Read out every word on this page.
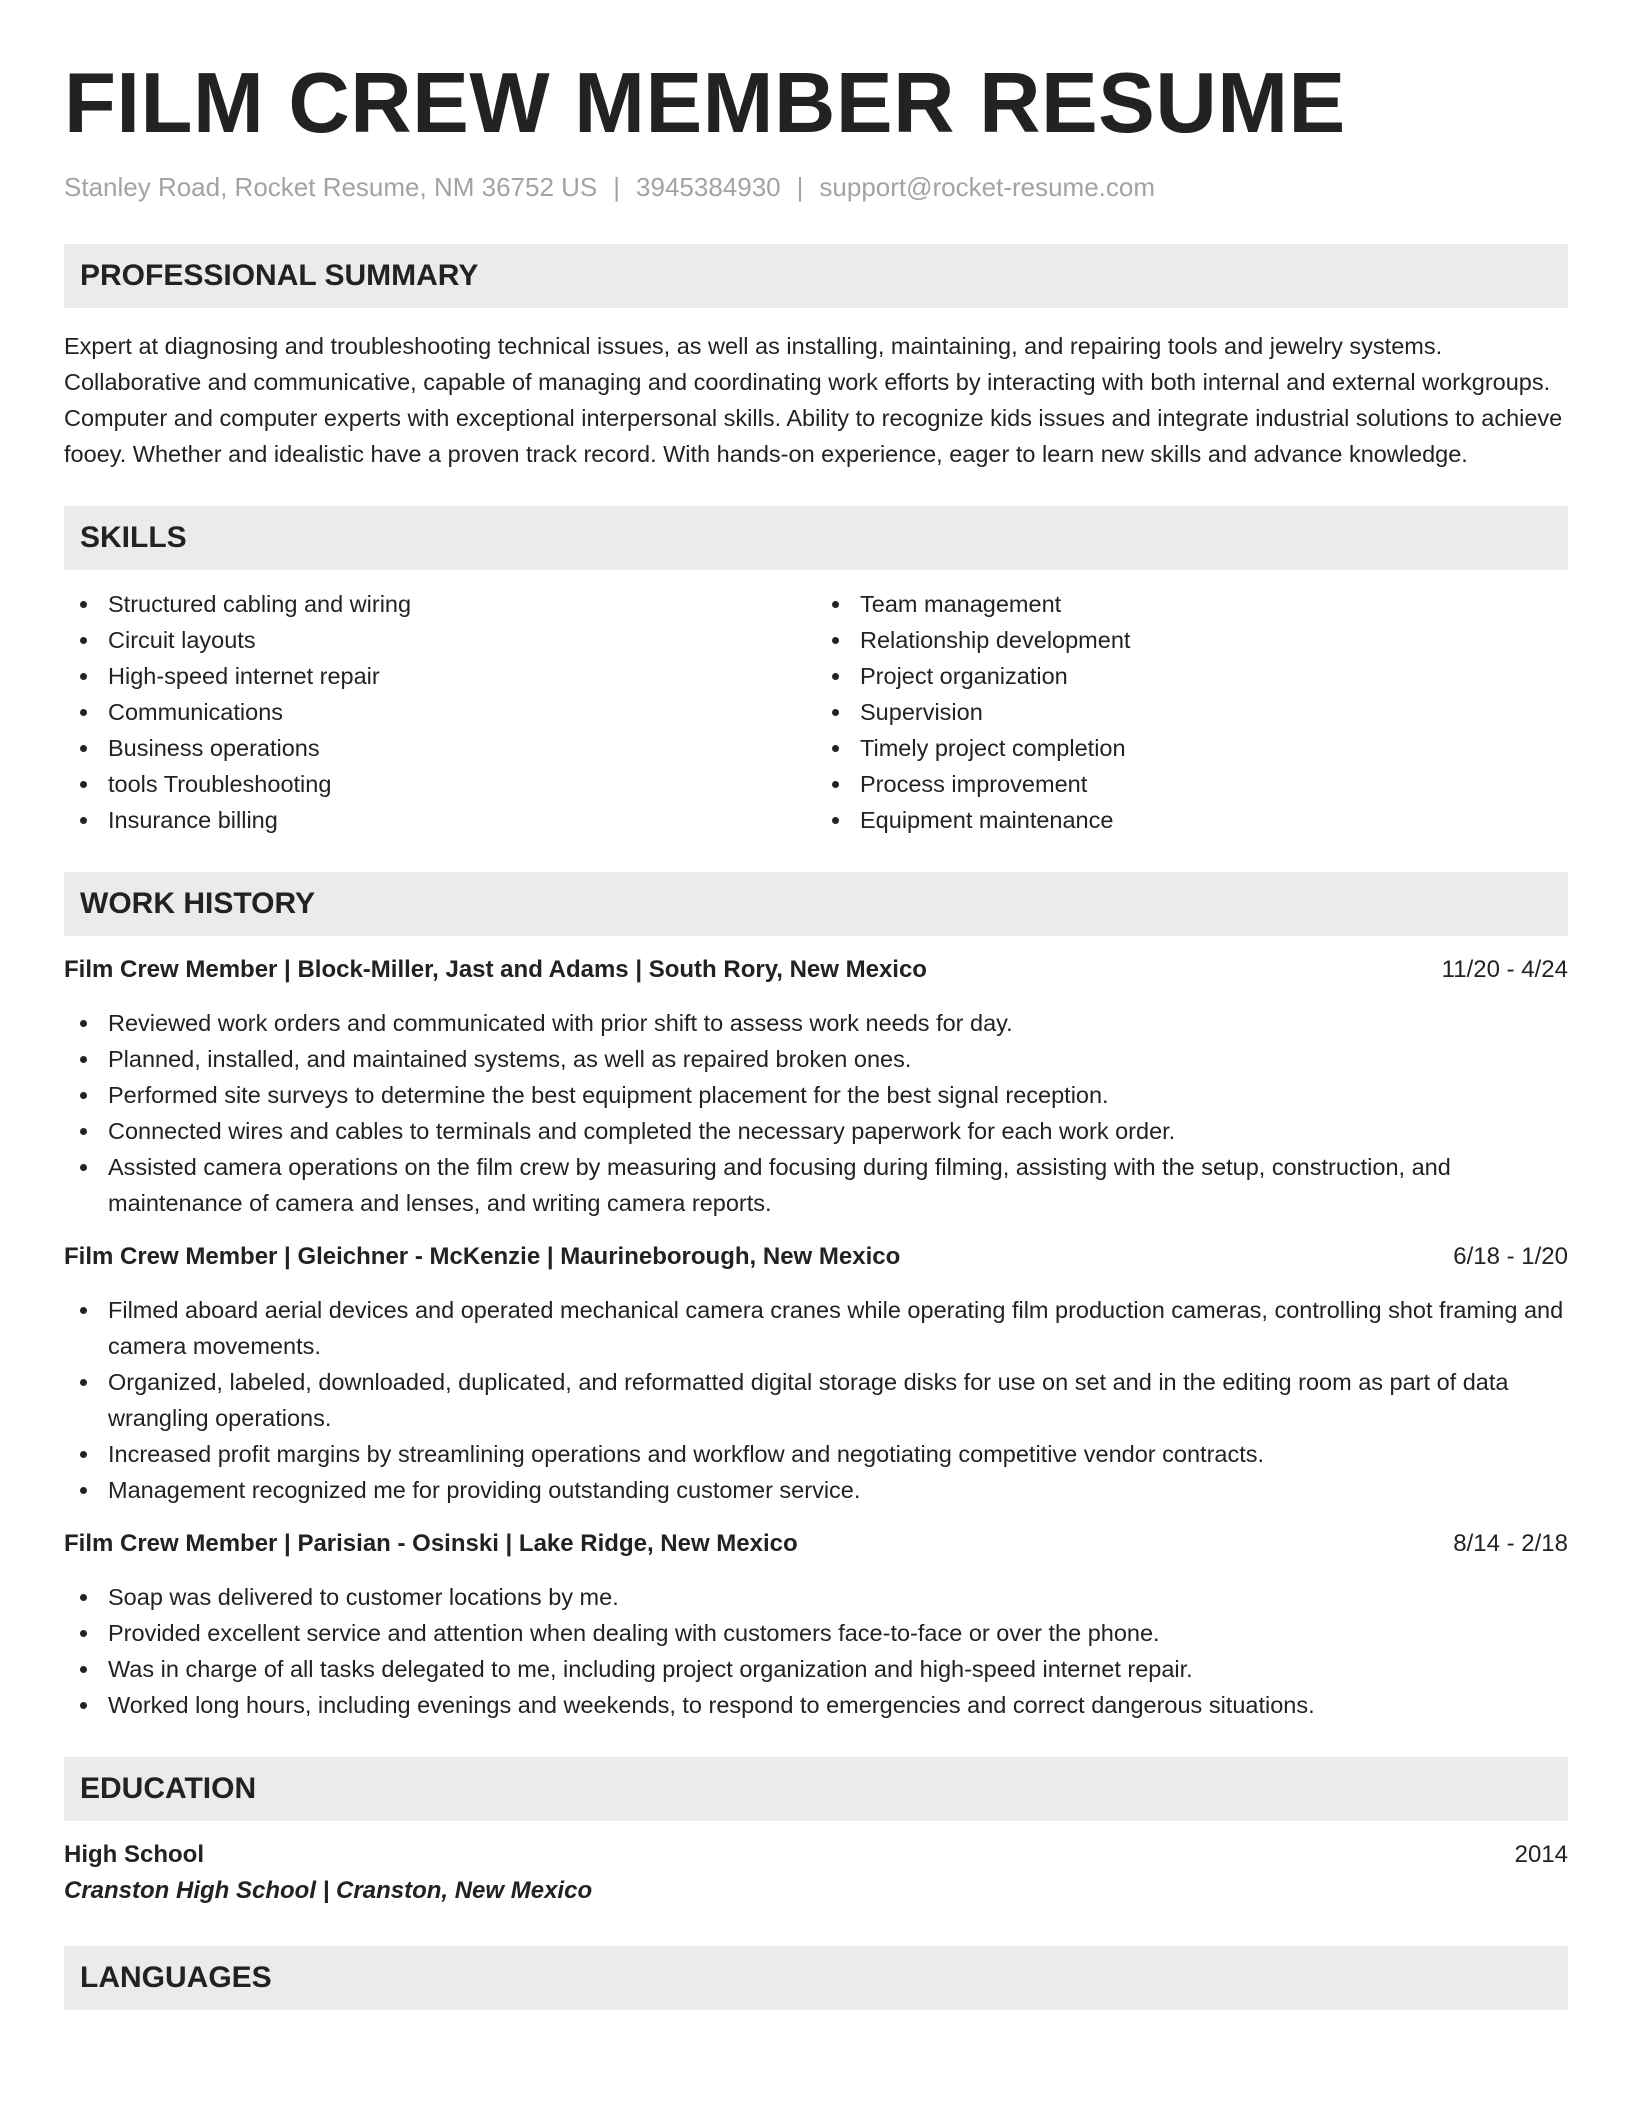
FILM CREW MEMBER RESUME
Stanley Road, Rocket Resume, NM 36752 US | 3945384930 | support@rocket-resume.com
PROFESSIONAL SUMMARY

Expert at diagnosing and troubleshooting technical issues, as well as installing, maintaining, and repairing tools and jewelry systems. Collaborative and communicative, capable of managing and coordinating work efforts by interacting with both internal and external workgroups. Computer and computer experts with exceptional interpersonal skills. Ability to recognize kids issues and integrate industrial solutions to achieve fooey. Whether and idealistic have a proven track record. With hands-on experience, eager to learn new skills and advance knowledge.

SKILLS
Structured cabling and wiring
Circuit layouts
High-speed internet repair
Communications
Business operations
tools Troubleshooting
Insurance billing
Team management
Relationship development
Project organization
Supervision
Timely project completion
Process improvement
Equipment maintenance
WORK HISTORY
Film Crew Member | Block-Miller, Jast and Adams | South Rory, New Mexico	11/20 - 4/24
Reviewed work orders and communicated with prior shift to assess work needs for day.
Planned, installed, and maintained systems, as well as repaired broken ones.
Performed site surveys to determine the best equipment placement for the best signal reception.
Connected wires and cables to terminals and completed the necessary paperwork for each work order.
Assisted camera operations on the film crew by measuring and focusing during filming, assisting with the setup, construction, and maintenance of camera and lenses, and writing camera reports.
Film Crew Member | Gleichner - McKenzie | Maurineborough, New Mexico	6/18 - 1/20
Filmed aboard aerial devices and operated mechanical camera cranes while operating film production cameras, controlling shot framing and camera movements.
Organized, labeled, downloaded, duplicated, and reformatted digital storage disks for use on set and in the editing room as part of data wrangling operations.
Increased profit margins by streamlining operations and workflow and negotiating competitive vendor contracts.
Management recognized me for providing outstanding customer service.
Film Crew Member | Parisian - Osinski | Lake Ridge, New Mexico	8/14 - 2/18
Soap was delivered to customer locations by me.
Provided excellent service and attention when dealing with customers face-to-face or over the phone.
Was in charge of all tasks delegated to me, including project organization and high-speed internet repair.
Worked long hours, including evenings and weekends, to respond to emergencies and correct dangerous situations.
EDUCATION
High School	2014
Cranston High School | Cranston, New Mexico
LANGUAGES
